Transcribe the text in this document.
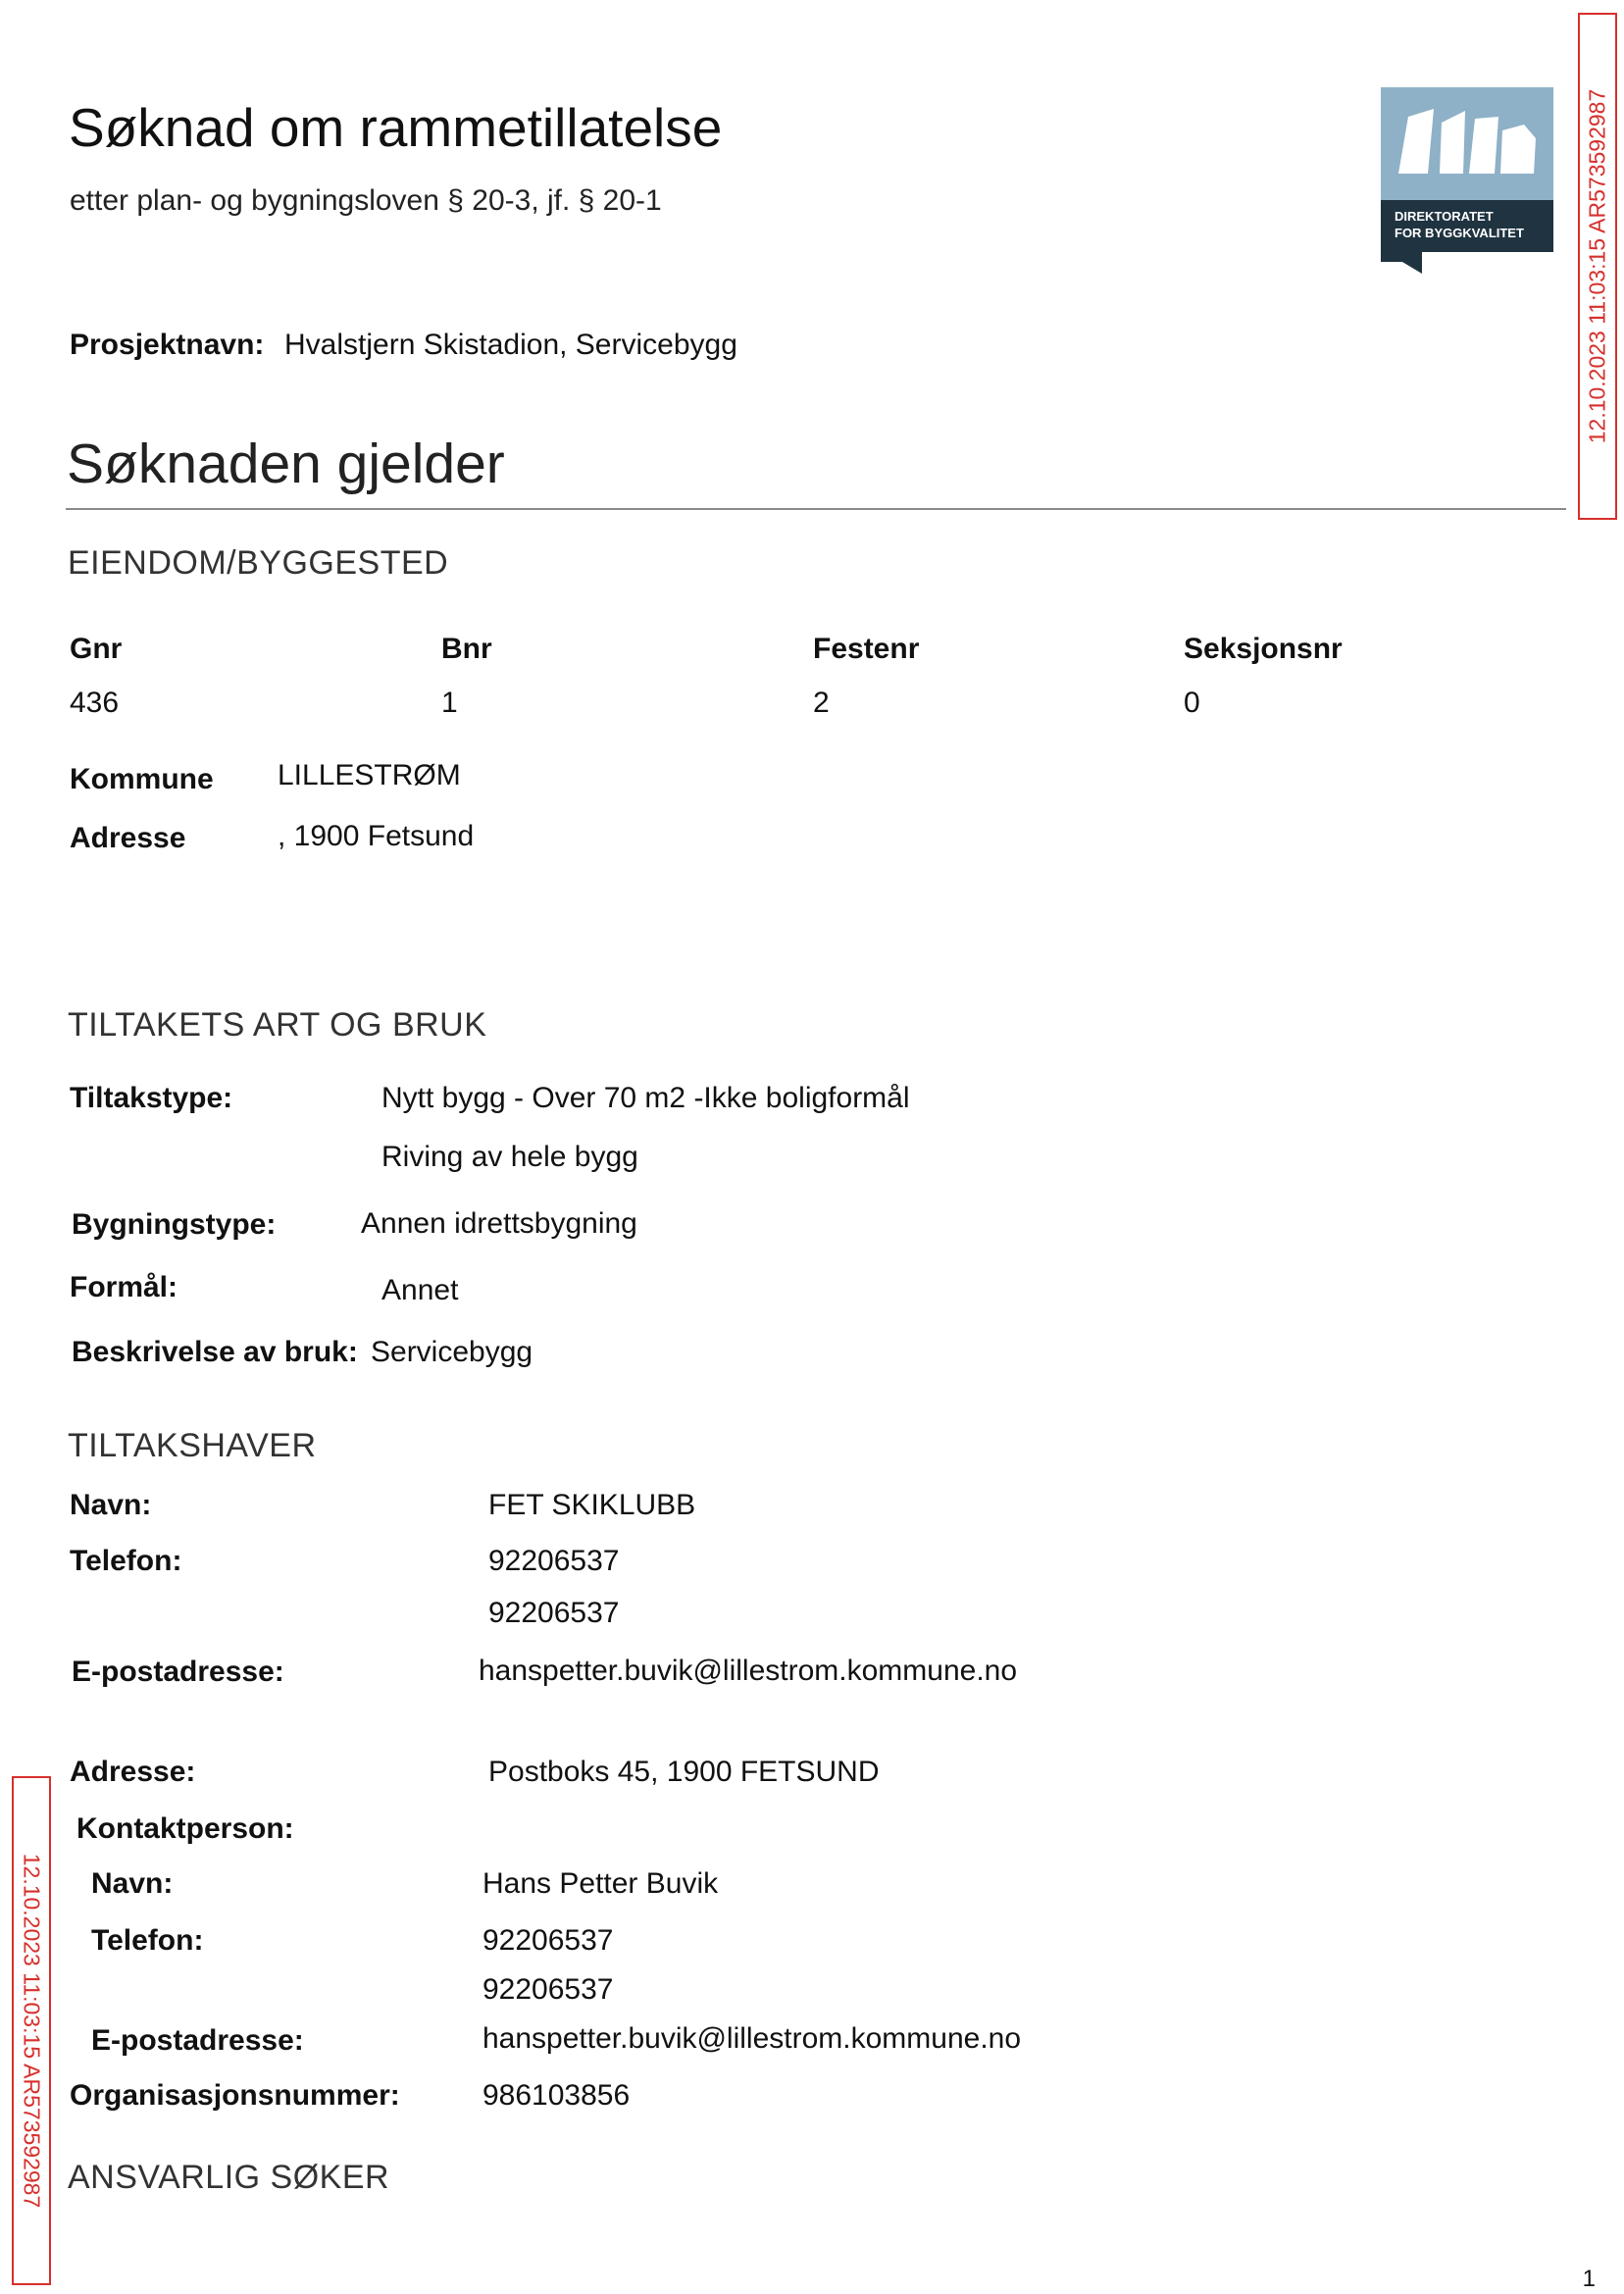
Søknad om rammetillatelse
etter plan- og bygningsloven § 20-3, jf. § 20-1	DIREKTORATET
FOR BYGGKVALITET	12.10.2023 11:03:15 AR573592987
12.10.2023 11:03:15 AR573592987
Prosjektnavn: Hvalstjern Skistadion, Servicebygg
Søknaden gjelder
EIENDOM/BYGGESTED
Gnr	Bnr	Festenr	Seksjonsnr
436	1	2	0
Kommune LILLESTRØM
Adresse	, 1900 Fetsund
TILTAKETS ART OG BRUK
Tiltakstype:	Nytt bygg - Over 70 m2 -Ikke boligformål
Riving av hele bygg
Bygningstype:	Annen idrettsbygning
Formål:	Annet
Beskrivelse av bruk: Servicebygg
TILTAKSHAVER
Navn:	FET SKIKLUBB
Telefon:	92206537
92206537
E-postadresse:	hanspetter.buvik@lillestrom.kommune.no
Adresse:	Postboks 45, 1900 FETSUND
Kontaktperson:
Navn:	Hans Petter Buvik
Telefon:	92206537
92206537
E-postadresse:	hanspetter.buvik@lillestrom.kommune.no
Organisasjonsnummer:	986103856
ANSVARLIG SØKER
1
